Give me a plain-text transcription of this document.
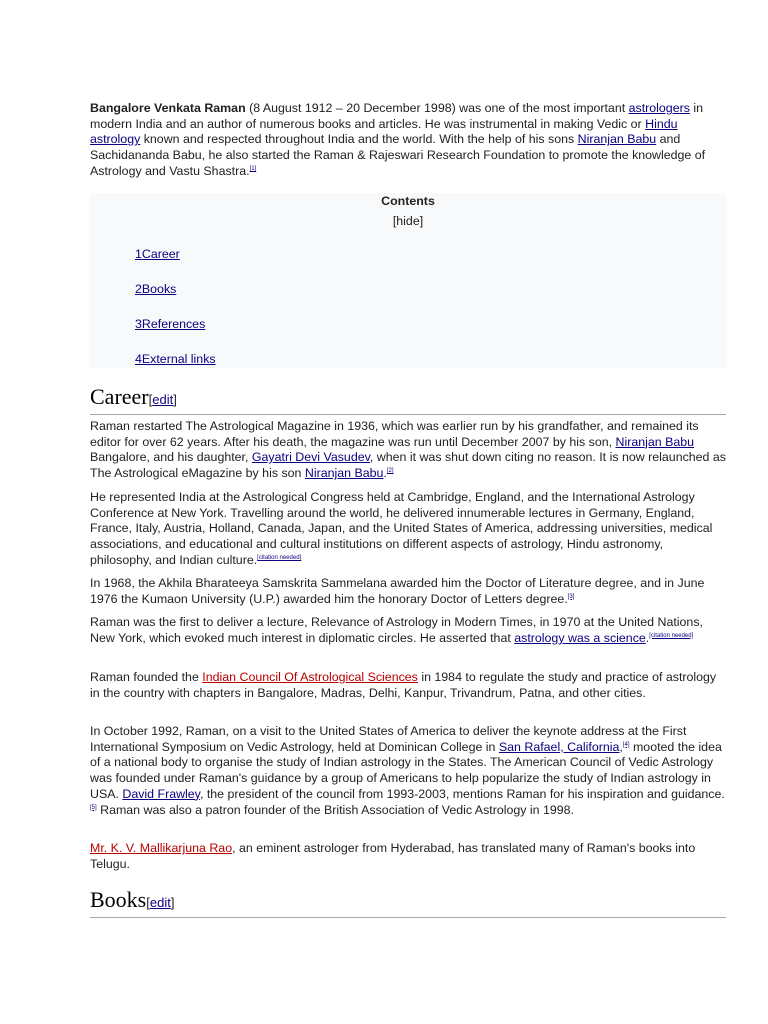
Bangalore Venkata Raman (8 August 1912 – 20 December 1998) was one of the most important astrologers in modern India and an author of numerous books and articles. He was instrumental in making Vedic or Hindu astrology known and respected throughout India and the world. With the help of his sons Niranjan Babu and Sachidananda Babu, he also started the Raman & Rajeswari Research Foundation to promote the knowledge of Astrology and Vastu Shastra.[1]

Contents
[hide]
1Career
2Books
3References
4External links
Career[edit]

Raman restarted The Astrological Magazine in 1936, which was earlier run by his grandfather, and remained its editor for over 62 years. After his death, the magazine was run until December 2007 by his son, Niranjan Babu Bangalore, and his daughter, Gayatri Devi Vasudev, when it was shut down citing no reason. It is now relaunched as The Astrological eMagazine by his son Niranjan Babu.[2]

He represented India at the Astrological Congress held at Cambridge, England, and the International Astrology Conference at New York. Travelling around the world, he delivered innumerable lectures in Germany, England, France, Italy, Austria, Holland, Canada, Japan, and the United States of America, addressing universities, medical associations, and educational and cultural institutions on different aspects of astrology, Hindu astronomy, philosophy, and Indian culture.[citation needed]

In 1968, the Akhila Bharateeya Samskrita Sammelana awarded him the Doctor of Literature degree, and in June 1976 the Kumaon University (U.P.) awarded him the honorary Doctor of Letters degree.[3]

Raman was the first to deliver a lecture, Relevance of Astrology in Modern Times, in 1970 at the United Nations, New York, which evoked much interest in diplomatic circles. He asserted that astrology was a science.[citation needed]

Raman founded the Indian Council Of Astrological Sciences in 1984 to regulate the study and practice of astrology in the country with chapters in Bangalore, Madras, Delhi, Kanpur, Trivandrum, Patna, and other cities.

In October 1992, Raman, on a visit to the United States of America to deliver the keynote address at the First International Symposium on Vedic Astrology, held at Dominican College in San Rafael, California,[4] mooted the idea of a national body to organise the study of Indian astrology in the States. The American Council of Vedic Astrology was founded under Raman's guidance by a group of Americans to help popularize the study of Indian astrology in USA. David Frawley, the president of the council from 1993-2003, mentions Raman for his inspiration and guidance.[5] Raman was also a patron founder of the British Association of Vedic Astrology in 1998.

Mr. K. V. Mallikarjuna Rao, an eminent astrologer from Hyderabad, has translated many of Raman's books into Telugu.

Books[edit]
